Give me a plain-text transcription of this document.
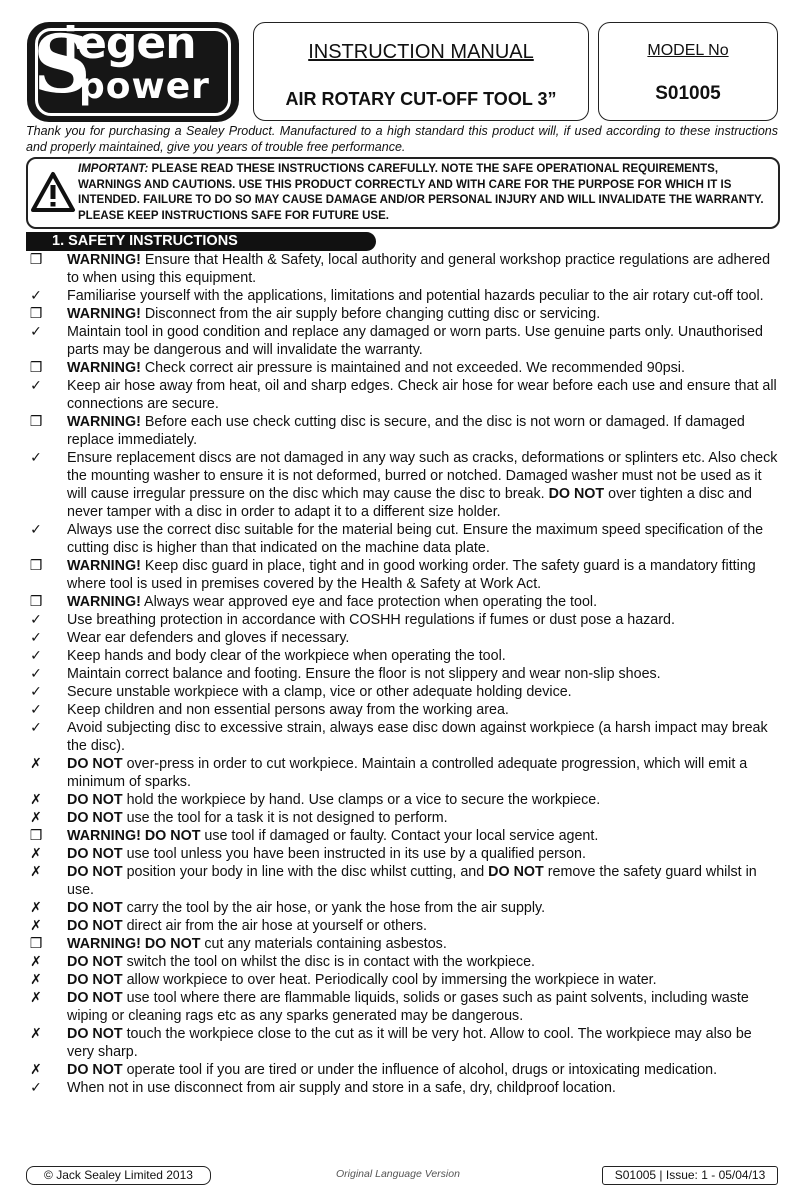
S
iegen
power
INSTRUCTION MANUAL
AIR ROTARY CUT-OFF TOOL 3”
MODEL No
S01005
Thank you for purchasing a Sealey Product. Manufactured to a high standard this product will, if used according to these instructions and properly maintained, give you years of trouble free performance.
IMPORTANT: PLEASE READ THESE INSTRUCTIONS CAREFULLY. NOTE THE SAFE OPERATIONAL REQUIREMENTS, WARNINGS AND CAUTIONS. USE THIS PRODUCT CORRECTLY AND WITH CARE FOR THE PURPOSE FOR WHICH IT IS INTENDED. FAILURE TO DO SO MAY CAUSE DAMAGE AND/OR PERSONAL INJURY AND WILL INVALIDATE THE WARRANTY. PLEASE KEEP INSTRUCTIONS SAFE FOR FUTURE USE.
1. SAFETY INSTRUCTIONS
❒ WARNING! Ensure that Health & Safety, local authority and general workshop practice regulations are adhered to when using this equipment.
✓ Familiarise yourself with the applications, limitations and potential hazards peculiar to the air rotary cut-off tool.
❒ WARNING! Disconnect from the air supply before changing cutting disc or servicing.
✓ Maintain tool in good condition and replace any damaged or worn parts. Use genuine parts only. Unauthorised parts may be dangerous and will invalidate the warranty.
❒ WARNING! Check correct air pressure is maintained and not exceeded. We recommended 90psi.
✓ Keep air hose away from heat, oil and sharp edges. Check air hose for wear before each use and ensure that all connections are secure.
❒ WARNING! Before each use check cutting disc is secure, and the disc is not worn or damaged. If damaged replace immediately.
✓ Ensure replacement discs are not damaged in any way such as cracks, deformations or splinters etc. Also check the mounting washer to ensure it is not deformed, burred or notched. Damaged washer must not be used as it will cause irregular pressure on the disc which may cause the disc to break. DO NOT over tighten a disc and never tamper with a disc in order to adapt it to a different size holder.
✓ Always use the correct disc suitable for the material being cut. Ensure the maximum speed specification of the cutting disc is higher than that indicated on the machine data plate.
❒ WARNING! Keep disc guard in place, tight and in good working order. The safety guard is a mandatory fitting where tool is used in premises covered by the Health & Safety at Work Act.
❒ WARNING! Always wear approved eye and face protection when operating the tool.
✓ Use breathing protection in accordance with COSHH regulations if fumes or dust pose a hazard.
✓ Wear ear defenders and gloves if necessary.
✓ Keep hands and body clear of the workpiece when operating the tool.
✓ Maintain correct balance and footing. Ensure the floor is not slippery and wear non-slip shoes.
✓ Secure unstable workpiece with a clamp, vice or other adequate holding device.
✓ Keep children and non essential persons away from the working area.
✓ Avoid subjecting disc to excessive strain, always ease disc down against workpiece (a harsh impact may break the disc).
✗ DO NOT over-press in order to cut workpiece. Maintain a controlled adequate progression, which will emit a minimum of sparks.
✗ DO NOT hold the workpiece by hand. Use clamps or a vice to secure the workpiece.
✗ DO NOT use the tool for a task it is not designed to perform.
❒ WARNING! DO NOT use tool if damaged or faulty. Contact your local service agent.
✗ DO NOT use tool unless you have been instructed in its use by a qualified person.
✗ DO NOT position your body in line with the disc whilst cutting, and DO NOT remove the safety guard whilst in use.
✗ DO NOT carry the tool by the air hose, or yank the hose from the air supply.
✗ DO NOT direct air from the air hose at yourself or others.
❒ WARNING! DO NOT cut any materials containing asbestos.
✗ DO NOT switch the tool on whilst the disc is in contact with the workpiece.
✗ DO NOT allow workpiece to over heat. Periodically cool by immersing the workpiece in water.
✗ DO NOT use tool where there are flammable liquids, solids or gases such as paint solvents, including waste wiping or cleaning rags etc as any sparks generated may be dangerous.
✗ DO NOT touch the workpiece close to the cut as it will be very hot. Allow to cool. The workpiece may also be very sharp.
✗ DO NOT operate tool if you are tired or under the influence of alcohol, drugs or intoxicating medication.
✓ When not in use disconnect from air supply and store in a safe, dry, childproof location.
© Jack Sealey Limited 2013	Original Language Version	S01005 | Issue: 1 - 05/04/13
